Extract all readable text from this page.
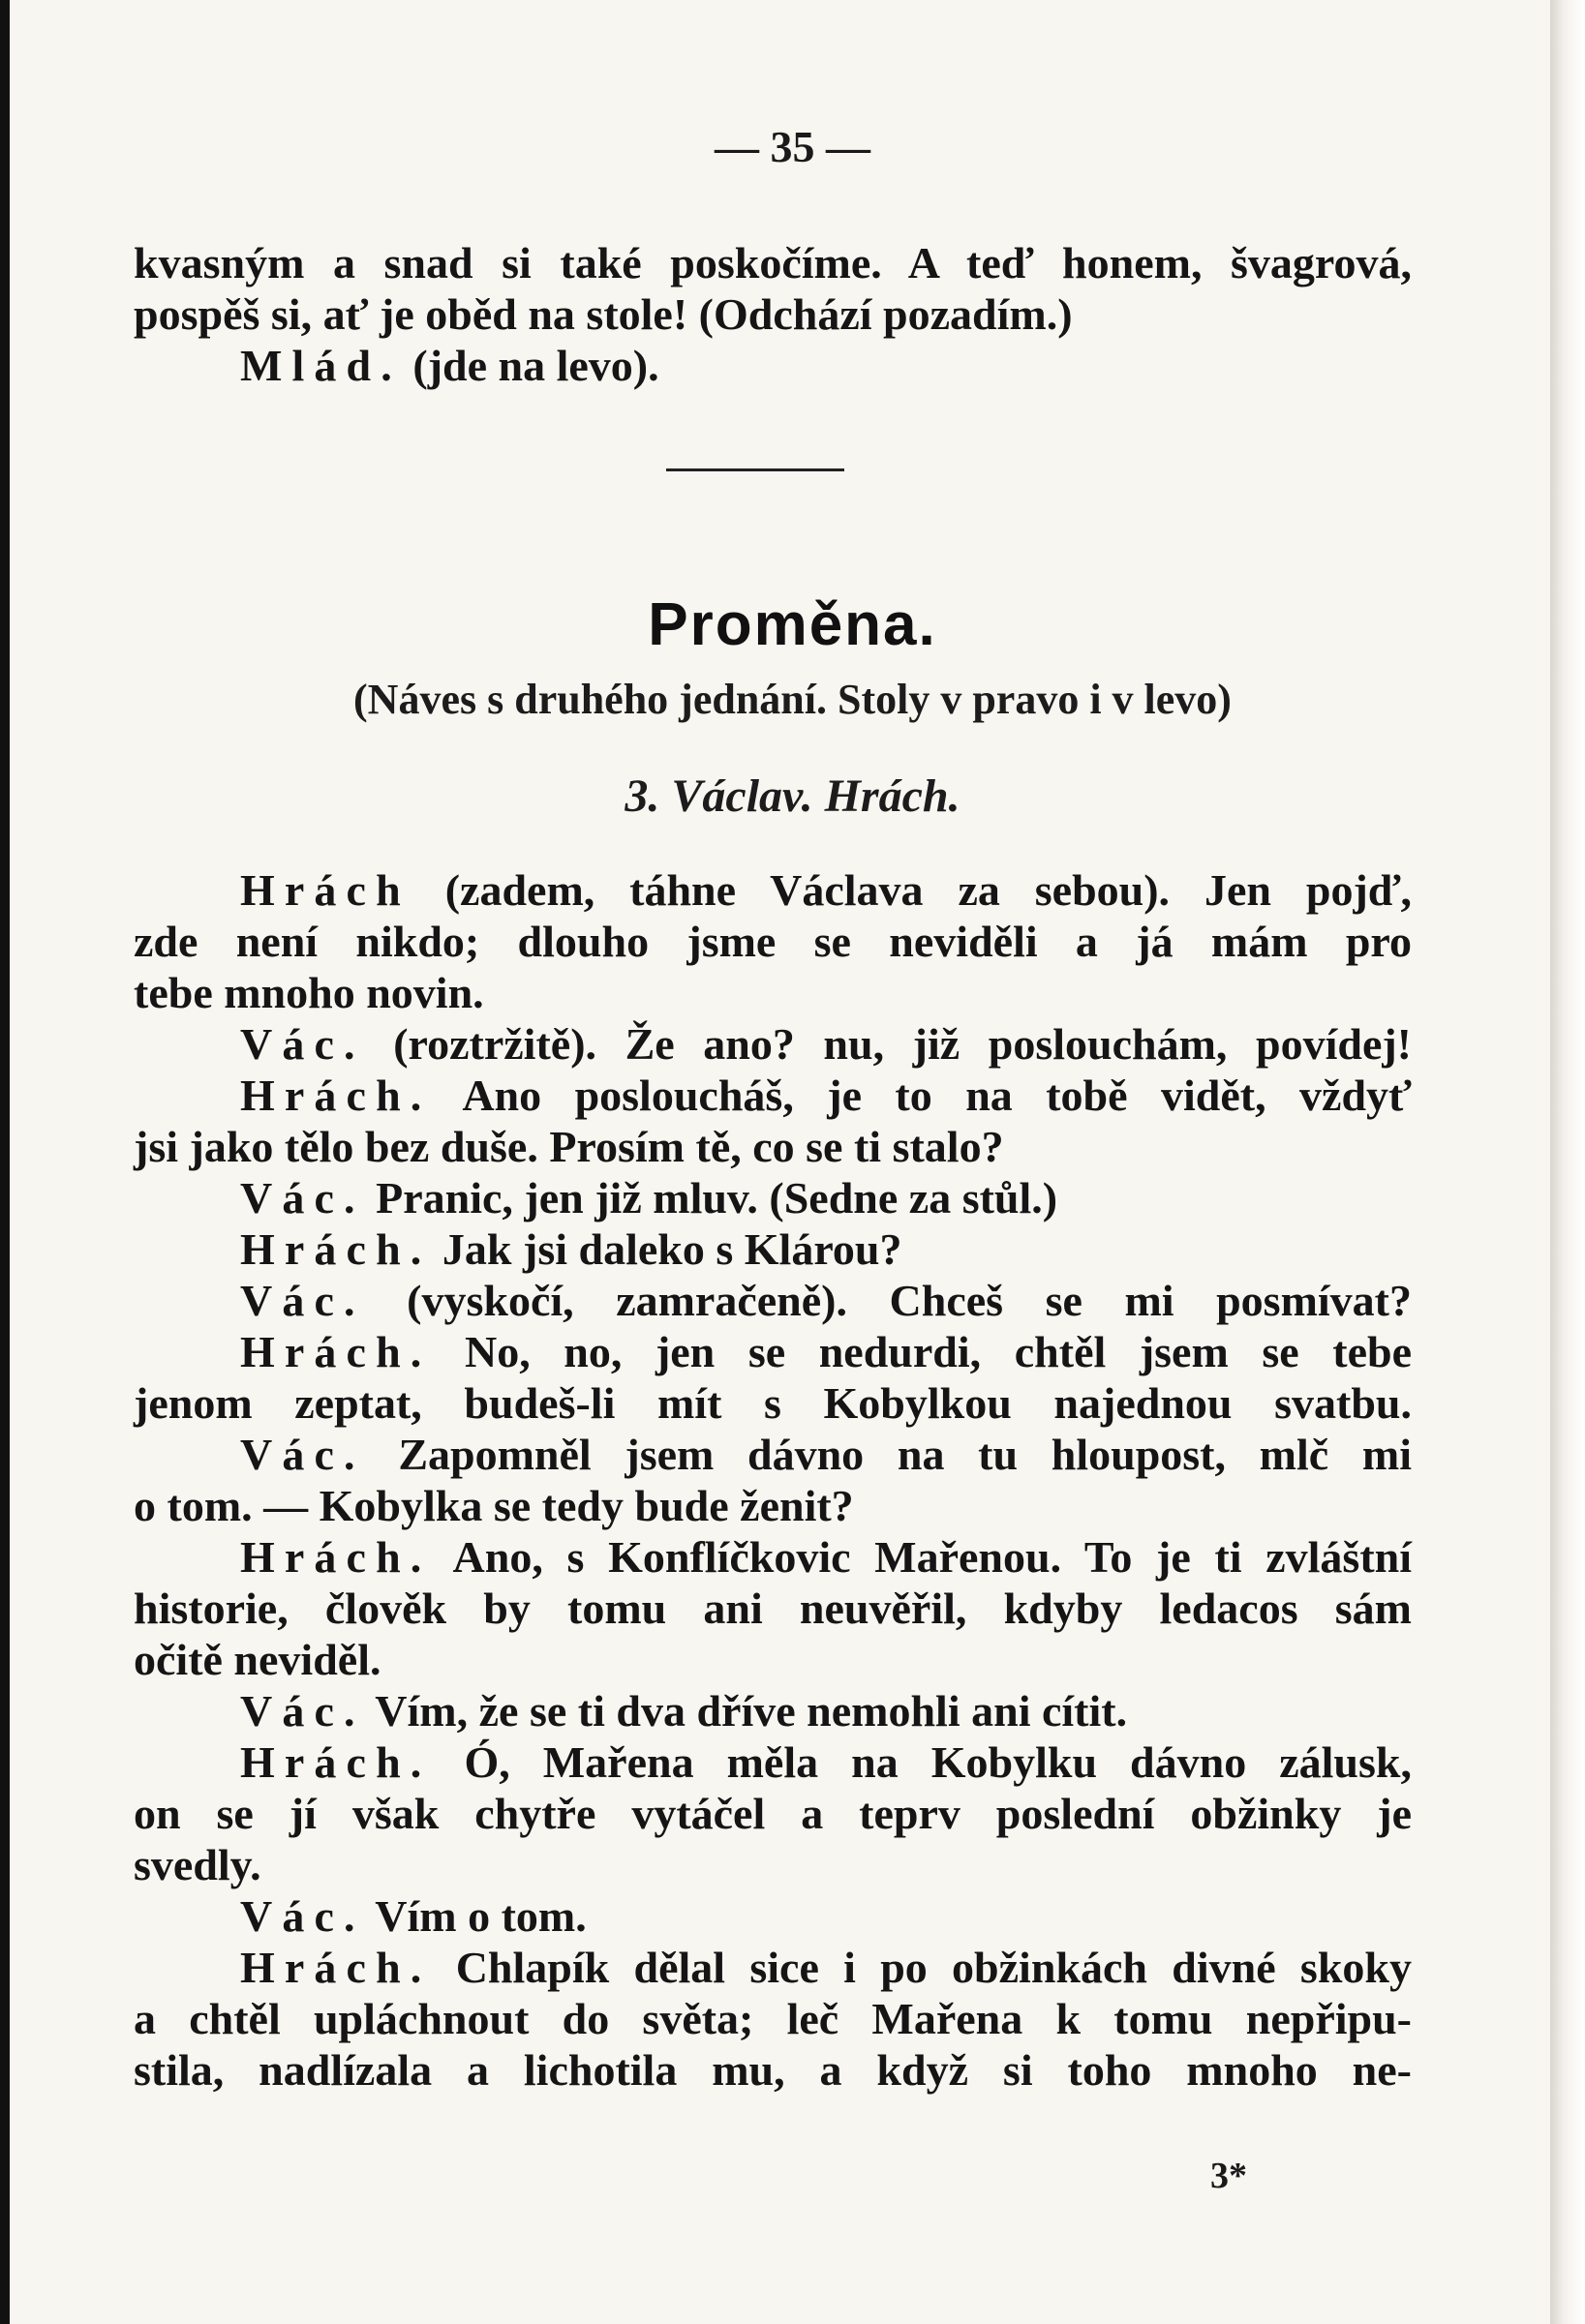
— 35 —
kvasným a snad si také poskočíme. A teď honem, švagrová,
pospěš si, ať je oběd na stole! (Odchází pozadím.)
Mlád. (jde na levo).
Proměna.
(Náves s druhého jednání. Stoly v pravo i v levo)
3. Václav. Hrách.
Hrách (zadem, táhne Václava za sebou). Jen pojď,
zde není nikdo; dlouho jsme se neviděli a já mám pro
tebe mnoho novin.
Vác. (roztržitě). Že ano? nu, již poslouchám, povídej!
Hrách. Ano posloucháš, je to na tobě vidět, vždyť
jsi jako tělo bez duše. Prosím tě, co se ti stalo?
Vác. Pranic, jen již mluv. (Sedne za stůl.)
Hrách. Jak jsi daleko s Klárou?
Vác. (vyskočí, zamračeně). Chceš se mi posmívat?
Hrách. No, no, jen se nedurdi, chtěl jsem se tebe
jenom zeptat, budeš-li mít s Kobylkou najednou svatbu.
Vác. Zapomněl jsem dávno na tu hloupost, mlč mi
o tom. — Kobylka se tedy bude ženit?
Hrách. Ano, s Konflíčkovic Mařenou. To je ti zvláštní
historie, člověk by tomu ani neuvěřil, kdyby ledacos sám
očitě neviděl.
Vác. Vím, že se ti dva dříve nemohli ani cítit.
Hrách. Ó, Mařena měla na Kobylku dávno zálusk,
on se jí však chytře vytáčel a teprv poslední obžinky je
svedly.
Vác. Vím o tom.
Hrách. Chlapík dělal sice i po obžinkách divné skoky
a chtěl upláchnout do světa; leč Mařena k tomu nepřipu-
stila, nadlízala a lichotila mu, a když si toho mnoho ne-
3*
